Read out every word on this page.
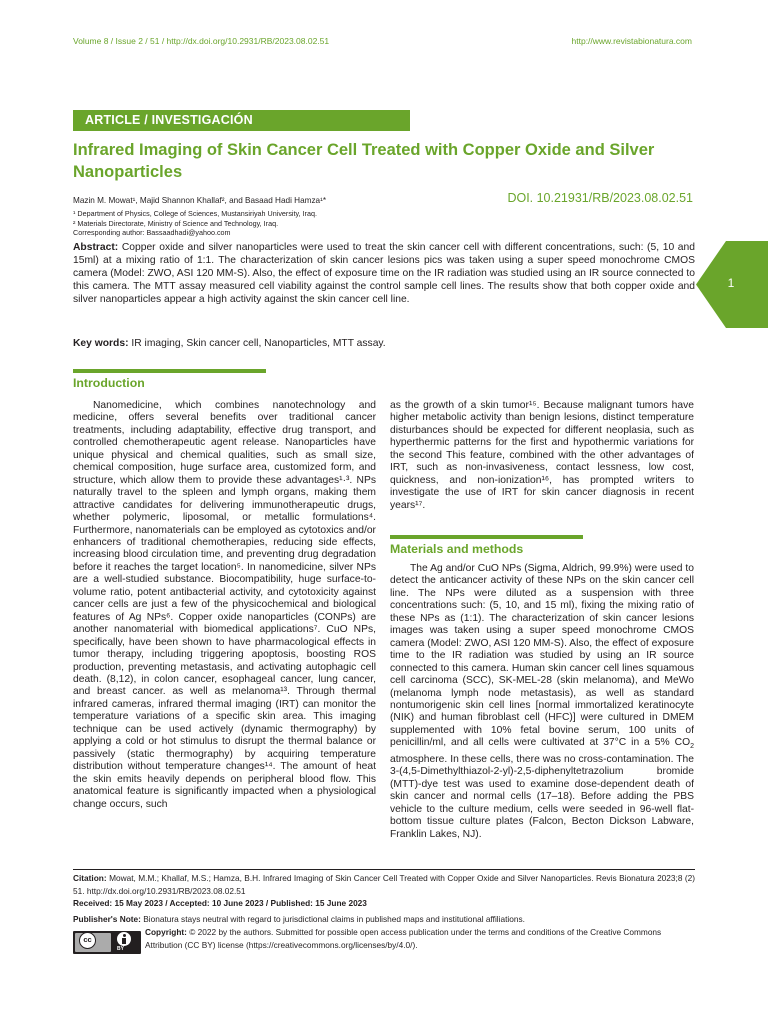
Volume 8 / Issue 2 / 51 / http://dx.doi.org/10.2931/RB/2023.08.02.51	http://www.revistabionatura.com
ARTICLE / INVESTIGACIÓN
Infrared Imaging of Skin Cancer Cell Treated with Copper Oxide and Silver Nanoparticles
Mazin M. Mowat¹, Majid Shannon Khallaf², and Basaad Hadi Hamza¹*	DOI. 10.21931/RB/2023.08.02.51
¹ Department of Physics, College of Sciences, Mustansiriyah University, Iraq.
² Materials Directorate, Ministry of Science and Technology, Iraq.
Corresponding author: Bassaadhadi@yahoo.com
Abstract: Copper oxide and silver nanoparticles were used to treat the skin cancer cell with different concentrations, such: (5, 10 and 15ml) at a mixing ratio of 1:1. The characterization of skin cancer lesions pics was taken using a super speed monochrome CMOS camera (Model: ZWO, ASI 120 MM-S). Also, the effect of exposure time on the IR radiation was studied using an IR source connected to this camera. The MTT assay measured cell viability against the control sample cell lines. The results show that both copper oxide and silver nanoparticles appear a high activity against the skin cancer cell line.
Key words: IR imaging, Skin cancer cell, Nanoparticles, MTT assay.
1
Introduction
Nanomedicine, which combines nanotechnology and medicine, offers several benefits over traditional cancer treatments, including adaptability, effective drug transport, and controlled chemotherapeutic agent release. Nanoparticles have unique physical and chemical qualities, such as small size, chemical composition, huge surface area, customized form, and structure, which allow them to provide these advantages¹·³. NPs naturally travel to the spleen and lymph organs, making them attractive candidates for delivering immunotherapeutic drugs, whether polymeric, liposomal, or metallic formulations⁴. Furthermore, nanomaterials can be employed as cytotoxics and/or enhancers of traditional chemotherapies, reducing side effects, increasing blood circulation time, and preventing drug degradation before it reaches the target location⁵. In nanomedicine, silver NPs are a well-studied substance. Biocompatibility, huge surface-to-volume ratio, potent antibacterial activity, and cytotoxicity against cancer cells are just a few of the physicochemical and biological features of Ag NPs⁶. Copper oxide nanoparticles (CONPs) are another nanomaterial with biomedical applications⁷. CuO NPs, specifically, have been shown to have pharmacological effects in tumor therapy, including triggering apoptosis, boosting ROS production, preventing metastasis, and activating autophagic cell death. (8,12), in colon cancer, esophageal cancer, lung cancer, and breast cancer. as well as melanoma¹³. Through thermal infrared cameras, infrared thermal imaging (IRT) can monitor the temperature variations of a specific skin area. This imaging technique can be used actively (dynamic thermography) by applying a cold or hot stimulus to disrupt the thermal balance or passively (static thermography) by acquiring temperature distribution without temperature changes¹⁴. The amount of heat the skin emits heavily depends on peripheral blood flow. This anatomical feature is significantly impacted when a physiological change occurs, such
as the growth of a skin tumor¹⁵. Because malignant tumors have higher metabolic activity than benign lesions, distinct temperature disturbances should be expected for different neoplasia, such as hyperthermic patterns for the first and hypothermic variations for the second This feature, combined with the other advantages of IRT, such as non-invasiveness, contact lessness, low cost, quickness, and non-ionization¹⁶, has prompted writers to investigate the use of IRT for skin cancer diagnosis in recent years¹⁷.
Materials and methods
The Ag and/or CuO NPs (Sigma, Aldrich, 99.9%) were used to detect the anticancer activity of these NPs on the skin cancer cell line. The NPs were diluted as a suspension with three concentrations such: (5, 10, and 15 ml), fixing the mixing ratio of these NPs as (1:1). The characterization of skin cancer lesions images was taken using a super speed monochrome CMOS camera (Model: ZWO, ASI 120 MM-S). Also, the effect of exposure time to the IR radiation was studied by using an IR source connected to this camera. Human skin cancer cell lines squamous cell carcinoma (SCC), SK-MEL-28 (skin melanoma), and MeWo (melanoma lymph node metastasis), as well as standard nontumorigenic skin cell lines [normal immortalized keratinocyte (NIK) and human fibroblast cell (HFC)] were cultured in DMEM supplemented with 10% fetal bovine serum, 100 units of penicillin/ml, and all cells were cultivated at 37°C in a 5% $CO_2$ atmosphere. In these cells, there was no cross-contamination. The 3-(4,5-Dimethylthiazol-2-yl)-2,5-diphenyltetrazolium bromide (MTT)-dye test was used to examine dose-dependent death of skin cancer and normal cells (17–18). Before adding the PBS vehicle to the culture medium, cells were seeded in 96-well flat-bottom tissue culture plates (Falcon, Becton Dickson Labware, Franklin Lakes, NJ).
Citation: Mowat, M.M.; Khallaf, M.S.; Hamza, B.H. Infrared Imaging of Skin Cancer Cell Treated with Copper Oxide and Silver Nanoparticles. Revis Bionatura 2023;8 (2) 51. http://dx.doi.org/10.2931/RB/2023.08.02.51
Received: 15 May 2023 / Accepted: 10 June 2023 / Published: 15 June 2023
Publisher's Note: Bionatura stays neutral with regard to jurisdictional claims in published maps and institutional affiliations.
cc
BY
Copyright: © 2022 by the authors. Submitted for possible open access publication under the terms and conditions of the Creative Commons Attribution (CC BY) license (https://creativecommons.org/licenses/by/4.0/).
